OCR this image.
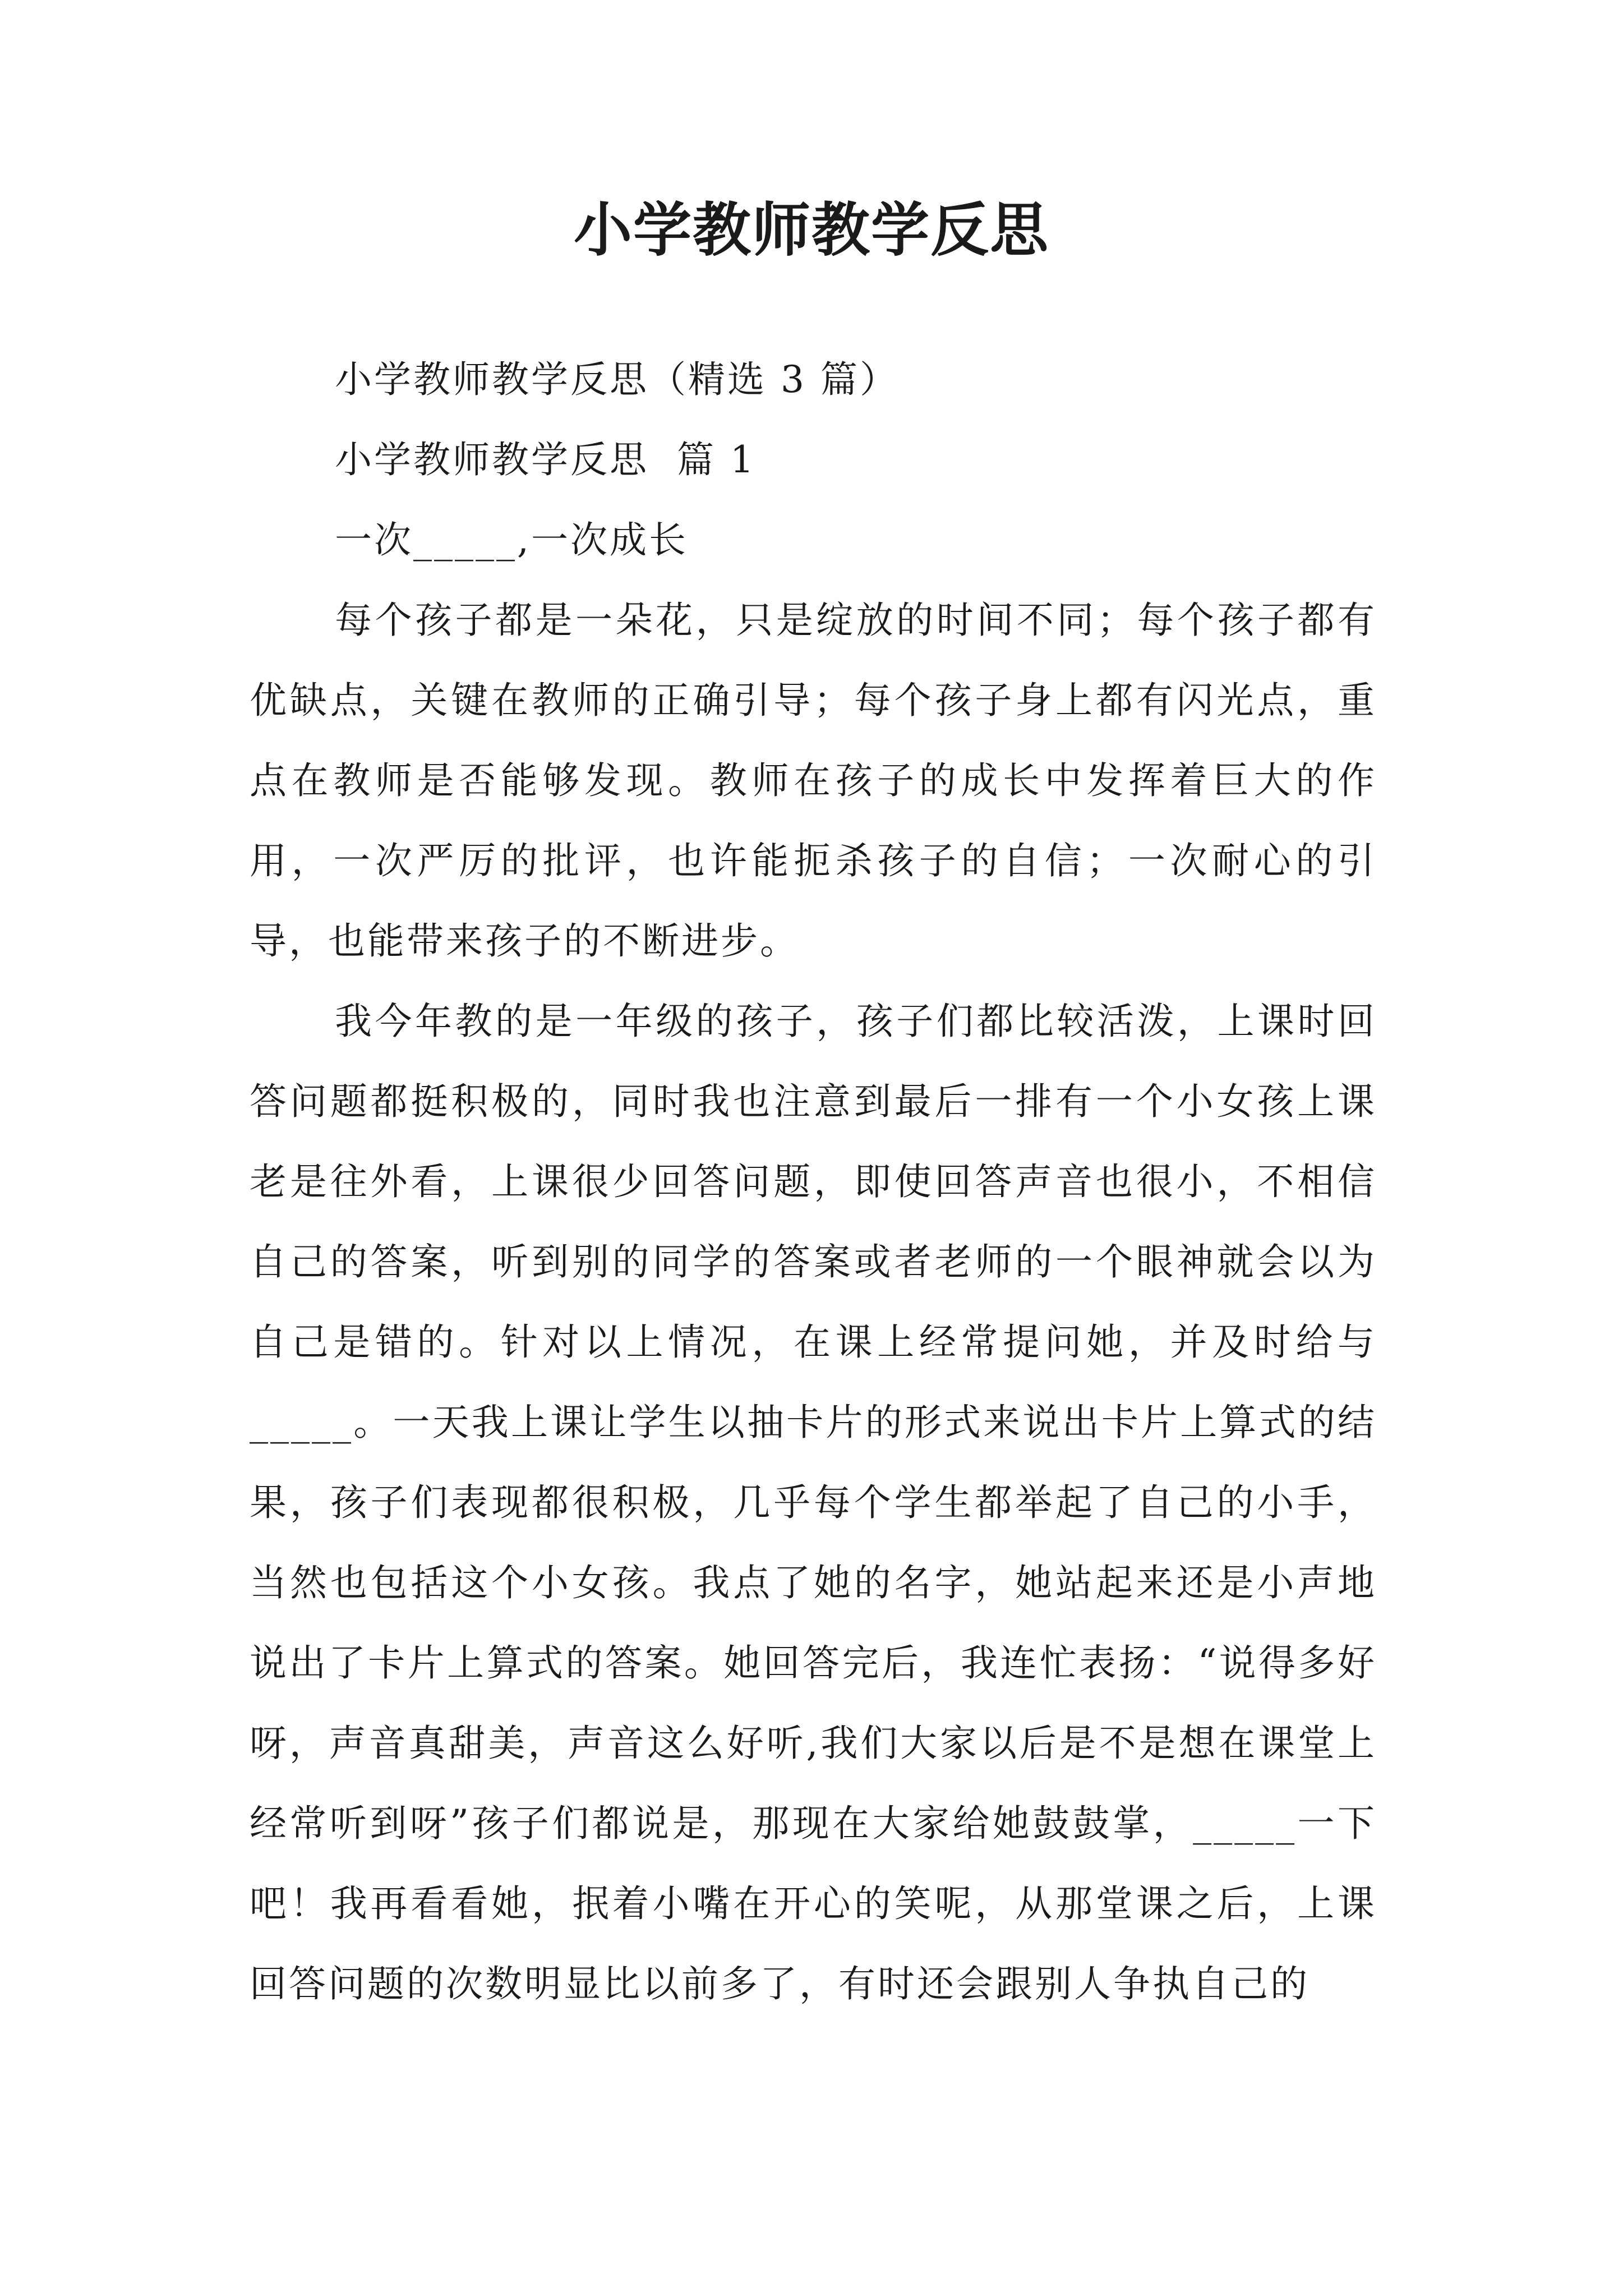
小学教师教学反思

小学教师教学反思（精选 3 篇）

小学教师教学反思  篇 1

一次_____,一次成长

每个孩子都是一朵花，只是绽放的时间不同；每个孩子都有优缺点，关键在教师的正确引导；每个孩子身上都有闪光点，重点在教师是否能够发现。教师在孩子的成长中发挥着巨大的作用，一次严厉的批评，也许能扼杀孩子的自信；一次耐心的引导，也能带来孩子的不断进步。

我今年教的是一年级的孩子，孩子们都比较活泼，上课时回答问题都挺积极的，同时我也注意到最后一排有一个小女孩上课老是往外看，上课很少回答问题，即使回答声音也很小，不相信自己的答案，听到别的同学的答案或者老师的一个眼神就会以为自己是错的。针对以上情况，在课上经常提问她，并及时给与_____。一天我上课让学生以抽卡片的形式来说出卡片上算式的结果，孩子们表现都很积极，几乎每个学生都举起了自己的小手，当然也包括这个小女孩。我点了她的名字，她站起来还是小声地说出了卡片上算式的答案。她回答完后，我连忙表扬：“说得多好呀，声音真甜美，声音这么好听,我们大家以后是不是想在课堂上经常听到呀”孩子们都说是，那现在大家给她鼓鼓掌，_____一下吧！我再看看她，抿着小嘴在开心的笑呢，从那堂课之后，上课回答问题的次数明显比以前多了，有时还会跟别人争执自己的
